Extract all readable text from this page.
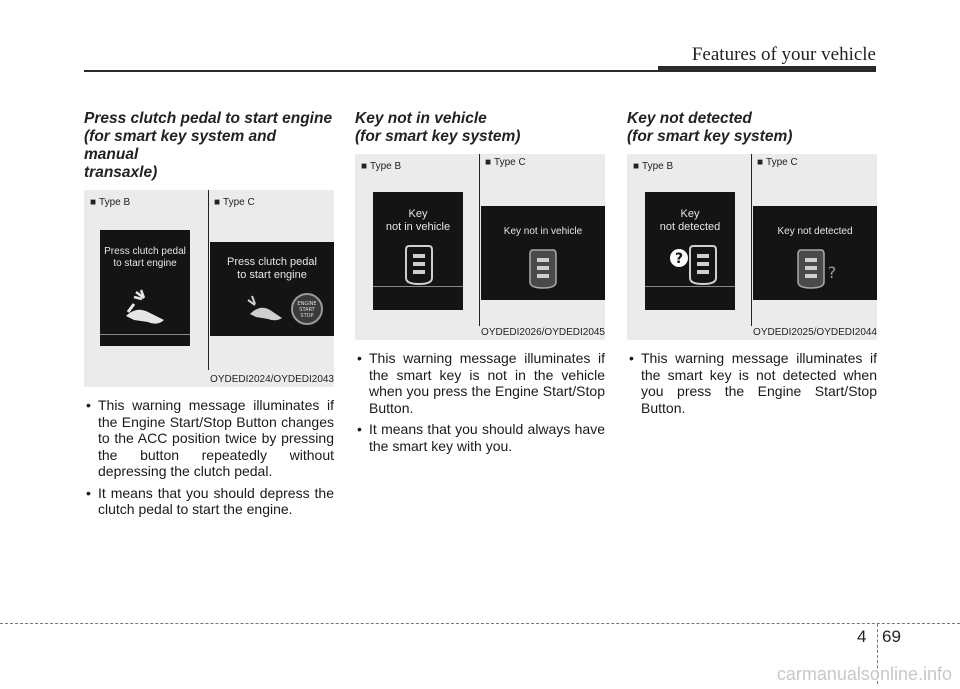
Features of your vehicle
Press clutch pedal to start engine
(for smart key system and manual
transaxle)
■ Type B	■ Type C
Press clutch pedal
to start engine	Press clutch pedal
to start engine
ENGINE
START
STOP
OYDEDI2024/OYDEDI2043
• This warning message illuminates if the Engine Start/Stop Button changes to the ACC position twice by pressing the button repeatedly without depressing the clutch pedal.
• It means that you should depress the clutch pedal to start the engine.
Key not in vehicle
(for smart key system)
■ Type B	■ Type C
Key
not in vehicle	Key not in vehicle
OYDEDI2026/OYDEDI2045
• This warning message illuminates if the smart key is not in the vehicle when you press the Engine Start/Stop Button.
• It means that you should always have the smart key with you.
Key not detected
(for smart key system)
■ Type B	■ Type C
Key
not detected
?
Key not detected
?
OYDEDI2025/OYDEDI2044
• This warning message illuminates if the smart key is not detected when you press the Engine Start/Stop Button.
4 69
carmanualsonline.info
